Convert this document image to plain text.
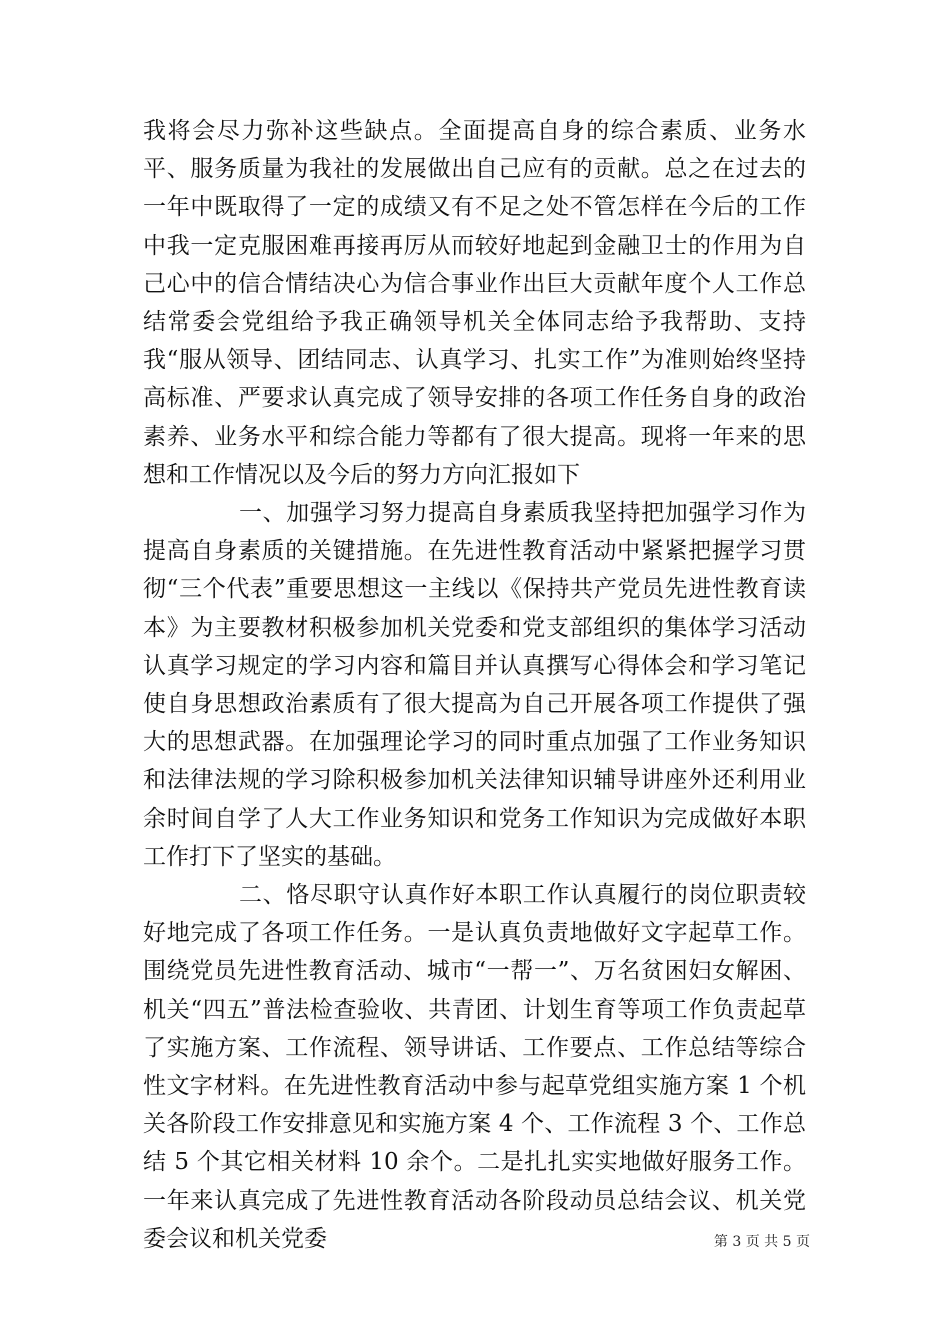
我将会尽力弥补这些缺点。全面提高自身的综合素质、业务水平、服务质量为我社的发展做出自己应有的贡献。总之在过去的一年中既取得了一定的成绩又有不足之处不管怎样在今后的工作中我一定克服困难再接再厉从而较好地起到金融卫士的作用为自己心中的信合情结决心为信合事业作出巨大贡献年度个人工作总结常委会党组给予我正确领导机关全体同志给予我帮助、支持我“服从领导、团结同志、认真学习、扎实工作”为准则始终坚持高标准、严要求认真完成了领导安排的各项工作任务自身的政治素养、业务水平和综合能力等都有了很大提高。现将一年来的思想和工作情况以及今后的努力方向汇报如下

一、加强学习努力提高自身素质我坚持把加强学习作为提高自身素质的关键措施。在先进性教育活动中紧紧把握学习贯彻“三个代表”重要思想这一主线以《保持共产党员先进性教育读本》为主要教材积极参加机关党委和党支部组织的集体学习活动认真学习规定的学习内容和篇目并认真撰写心得体会和学习笔记使自身思想政治素质有了很大提高为自己开展各项工作提供了强大的思想武器。在加强理论学习的同时重点加强了工作业务知识和法律法规的学习除积极参加机关法律知识辅导讲座外还利用业余时间自学了人大工作业务知识和党务工作知识为完成做好本职工作打下了坚实的基础。

二、恪尽职守认真作好本职工作认真履行的岗位职责较好地完成了各项工作任务。一是认真负责地做好文字起草工作。围绕党员先进性教育活动、城市“一帮一”、万名贫困妇女解困、机关“四五”普法检查验收、共青团、计划生育等项工作负责起草了实施方案、工作流程、领导讲话、工作要点、工作总结等综合性文字材料。在先进性教育活动中参与起草党组实施方案 1 个机关各阶段工作安排意见和实施方案 4 个、工作流程 3 个、工作总结 5 个其它相关材料 10 余个。二是扎扎实实地做好服务工作。一年来认真完成了先进性教育活动各阶段动员总结会议、机关党委会议和机关党委	第 3 页 共 5 页
